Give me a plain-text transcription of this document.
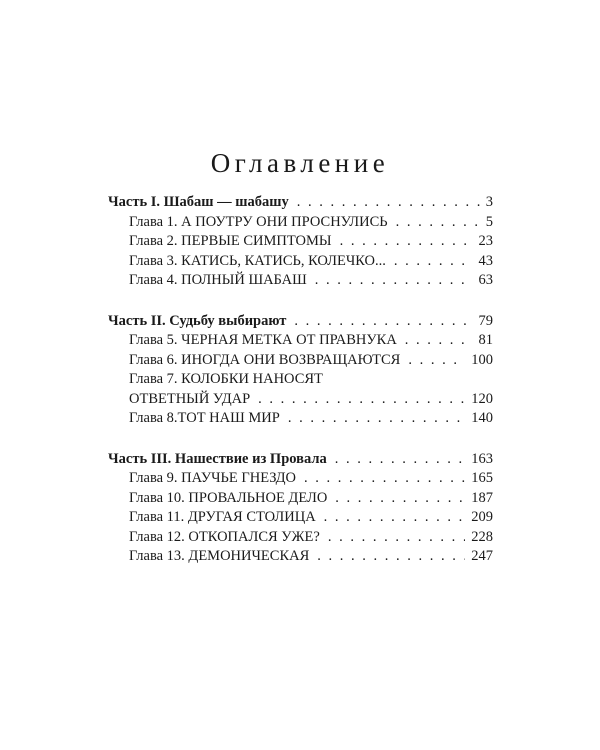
Оглавление
Часть I. Шабаш — шабашу . . .	3
Глава 1. А ПОУТРУ ОНИ ПРОСНУЛИСЬ . . .	5
Глава 2. ПЕРВЫЕ СИМПТОМЫ . . .	23
Глава 3. КАТИСЬ, КАТИСЬ, КОЛЕЧКО... . . .	43
Глава 4. ПОЛНЫЙ ШАБАШ . . .	63
Часть II. Судьбу выбирают . . .	79
Глава 5. ЧЕРНАЯ МЕТКА ОТ ПРАВНУКА . . .	81
Глава 6. ИНОГДА ОНИ ВОЗВРАЩАЮТСЯ . . .	100
Глава 7. КОЛОБКИ НАНОСЯТ
ОТВЕТНЫЙ УДАР . . .	120
Глава 8.ТОТ НАШ МИР . . .	140
Часть III. Нашествие из Провала . . .	163
Глава 9. ПАУЧЬЕ ГНЕЗДО . . .	165
Глава 10. ПРОВАЛЬНОЕ ДЕЛО . . .	187
Глава 11. ДРУГАЯ СТОЛИЦА . . .	209
Глава 12. ОТКОПАЛСЯ УЖЕ? . . .	228
Глава 13. ДЕМОНИЧЕСКАЯ . . .	247
